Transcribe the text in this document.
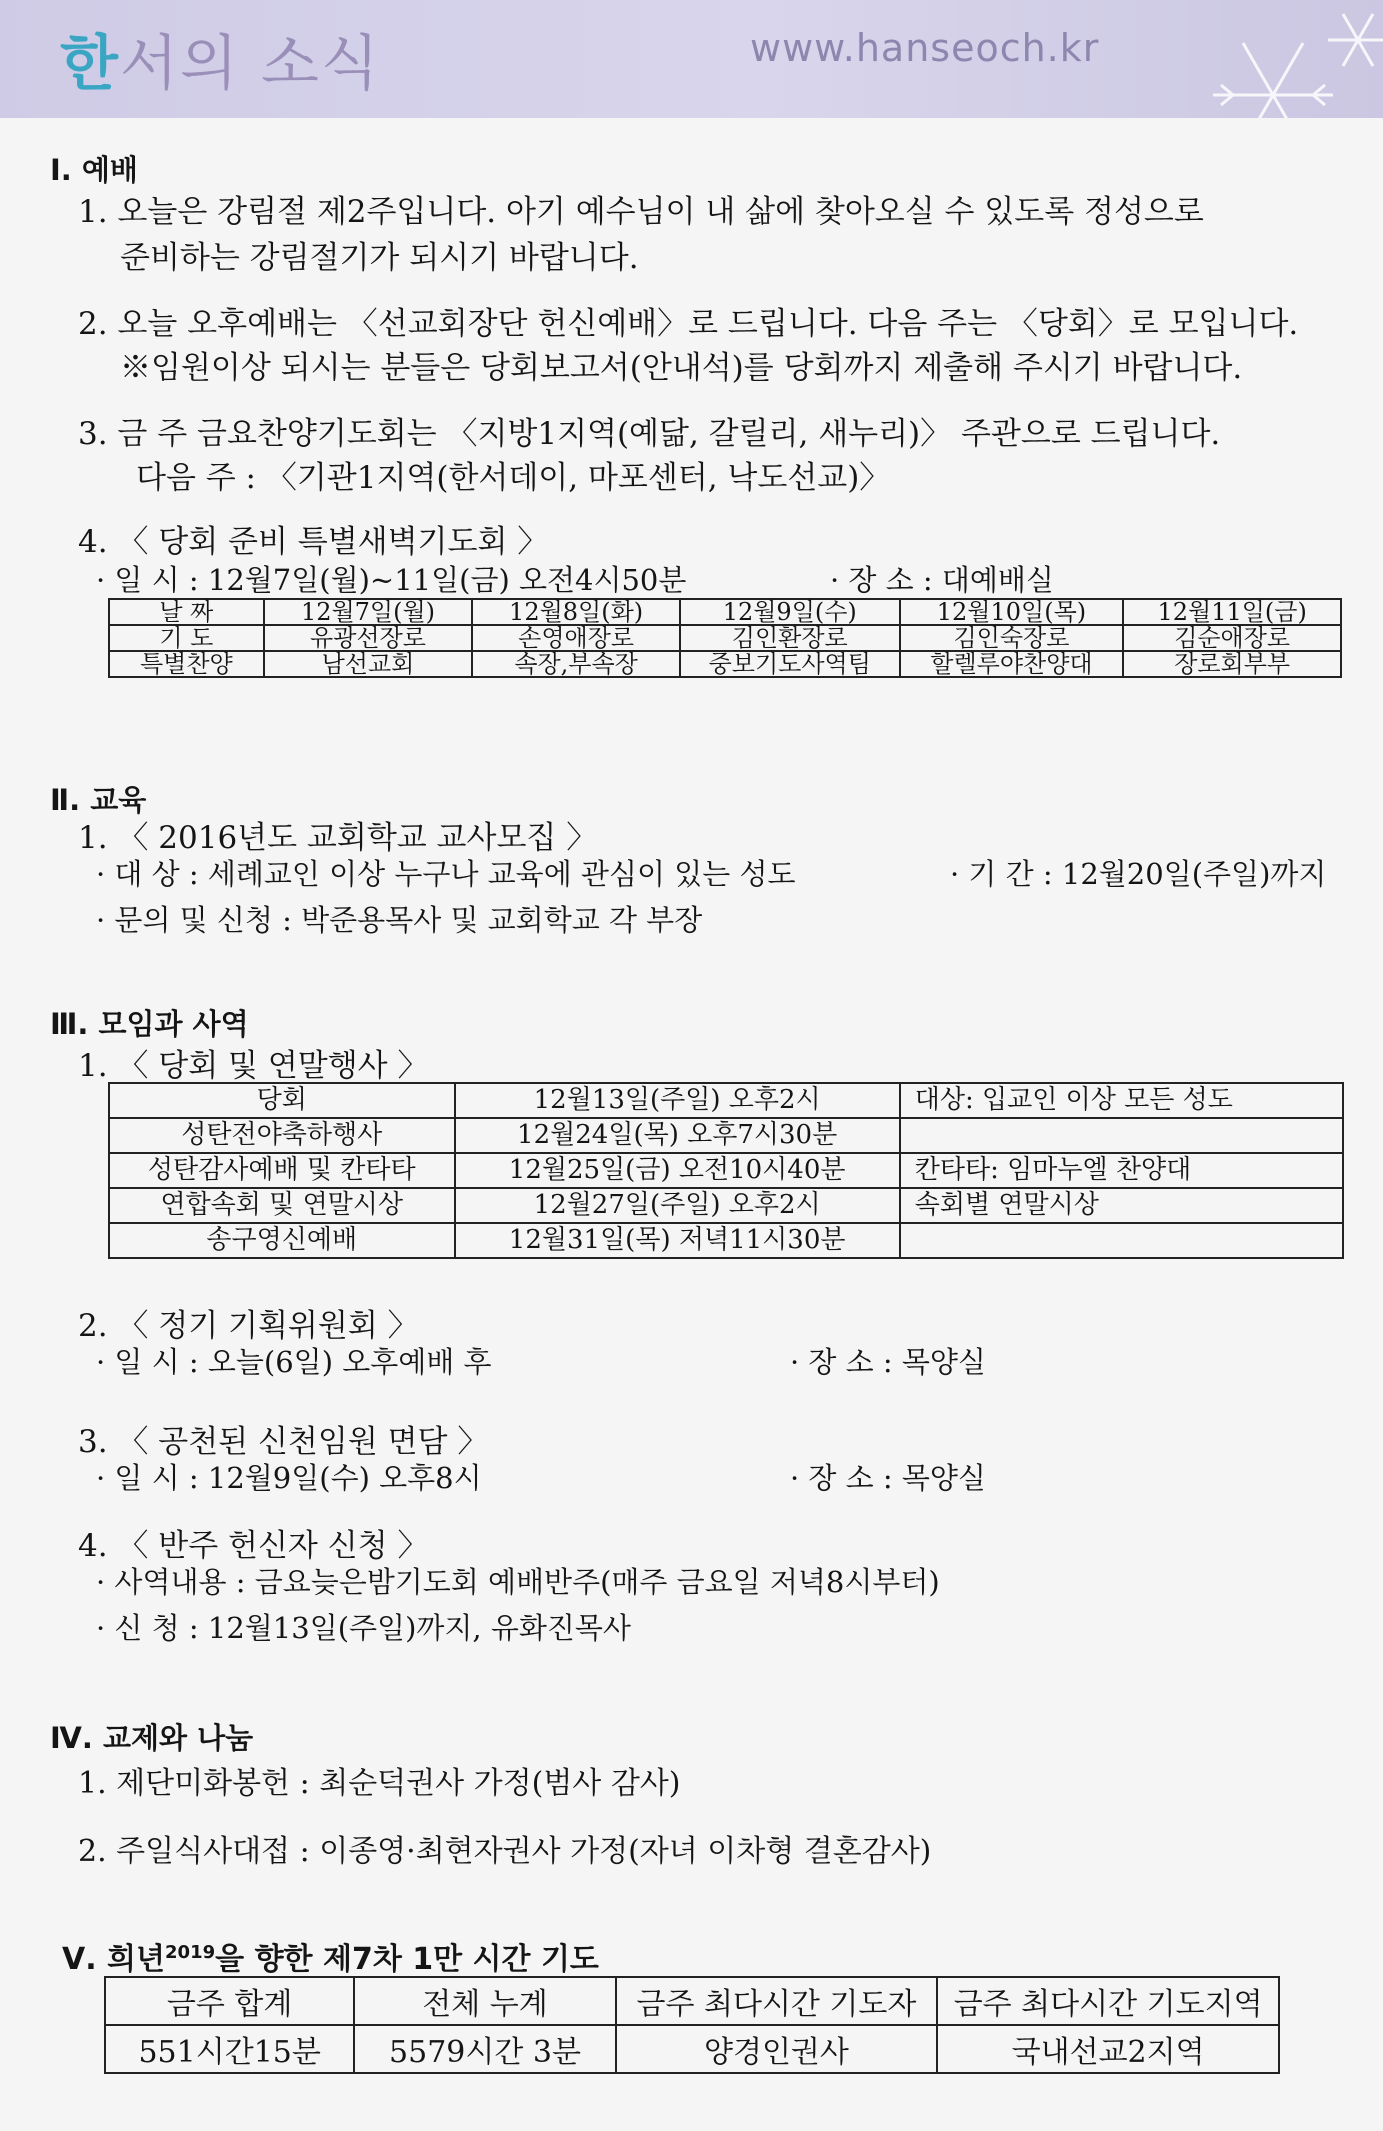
한서의 소식	www.hanseoch.kr
Ⅰ. 예배
1. 오늘은 강림절 제2주입니다. 아기 예수님이 내 삶에 찾아오실 수 있도록 정성으로
준비하는 강림절기가 되시기 바랍니다.
2. 오늘 오후예배는 〈선교회장단 헌신예배〉로 드립니다. 다음 주는 〈당회〉로 모입니다.
※임원이상 되시는 분들은 당회보고서(안내석)를 당회까지 제출해 주시기 바랍니다.
3. 금 주 금요찬양기도회는 〈지방1지역(예닮, 갈릴리, 새누리)〉 주관으로 드립니다.
다음 주 : 〈기관1지역(한서데이, 마포센터, 낙도선교)〉
4. 〈 당회 준비 특별새벽기도회 〉
· 일 시 : 12월7일(월)~11일(금) 오전4시50분	· 장 소 : 대예배실
날 짜	12월7일(월)	12월8일(화)	12월9일(수)	12월10일(목)	12월11일(금)
기 도	유광선장로	손영애장로	김인환장로	김인숙장로	김순애장로
특별찬양	남선교회	속장,부속장	중보기도사역팀	할렐루야찬양대	장로회부부
Ⅱ. 교육
1. 〈 2016년도 교회학교 교사모집 〉
· 대 상 : 세례교인 이상 누구나 교육에 관심이 있는 성도	· 기 간 : 12월20일(주일)까지
· 문의 및 신청 : 박준용목사 및 교회학교 각 부장
Ⅲ. 모임과 사역
1. 〈 당회 및 연말행사 〉
당회	12월13일(주일) 오후2시	대상: 입교인 이상 모든 성도
성탄전야축하행사	12월24일(목) 오후7시30분	
성탄감사예배 및 칸타타	12월25일(금) 오전10시40분	칸타타: 임마누엘 찬양대
연합속회 및 연말시상	12월27일(주일) 오후2시	속회별 연말시상
송구영신예배	12월31일(목) 저녁11시30분	
2. 〈 정기 기획위원회 〉
· 일 시 : 오늘(6일) 오후예배 후	· 장 소 : 목양실
3. 〈 공천된 신천임원 면담 〉
· 일 시 : 12월9일(수) 오후8시	· 장 소 : 목양실
4. 〈 반주 헌신자 신청 〉
· 사역내용 : 금요늦은밤기도회 예배반주(매주 금요일 저녁8시부터)
· 신 청 : 12월13일(주일)까지, 유화진목사
Ⅳ. 교제와 나눔
1. 제단미화봉헌 : 최순덕권사 가정(범사 감사)
2. 주일식사대접 : 이종영·최현자권사 가정(자녀 이차형 결혼감사)
Ⅴ. 희년$^{2019}$을 향한 제7차 1만 시간 기도
금주 합계	전체 누계	금주 최다시간 기도자	금주 최다시간 기도지역
551시간15분	5579시간 3분	양경인권사	국내선교2지역
